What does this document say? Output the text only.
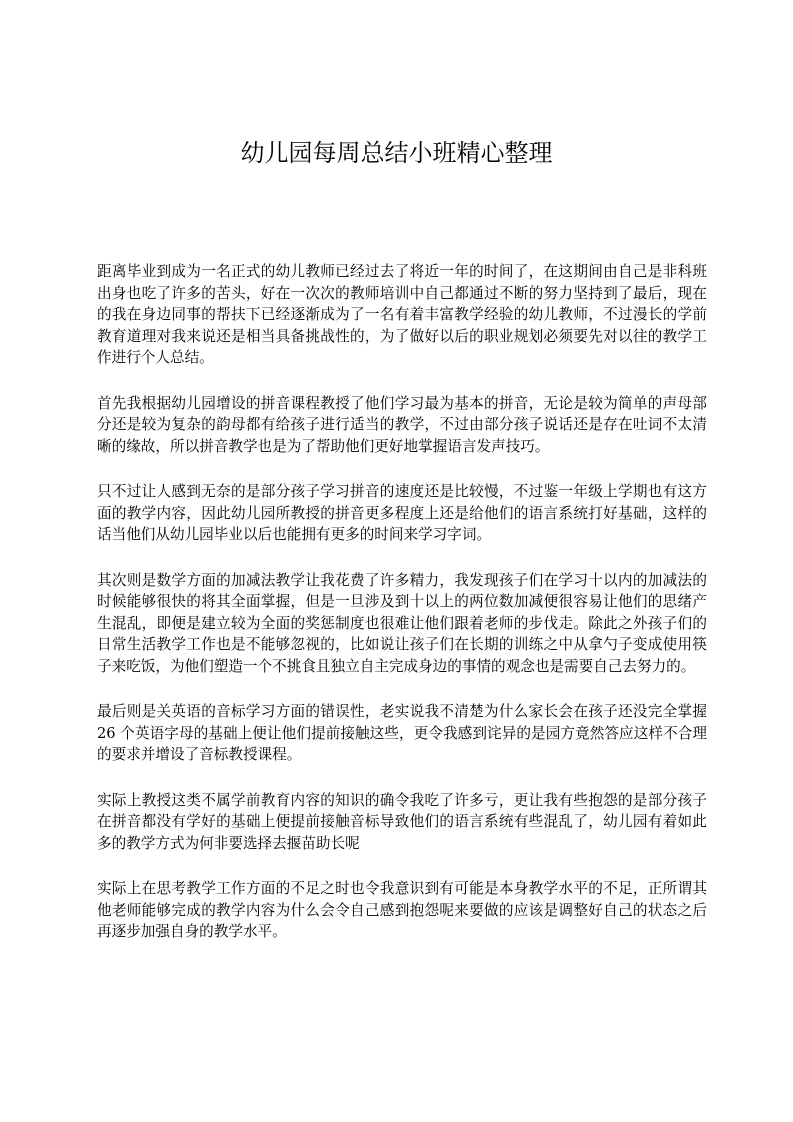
幼儿园每周总结小班精心整理

距离毕业到成为一名正式的幼儿教师已经过去了将近一年的时间了，在这期间由自己是非科班出身也吃了许多的苦头，好在一次次的教师培训中自己都通过不断的努力坚持到了最后，现在的我在身边同事的帮扶下已经逐渐成为了一名有着丰富教学经验的幼儿教师，不过漫长的学前教育道理对我来说还是相当具备挑战性的，为了做好以后的职业规划必须要先对以往的教学工作进行个人总结。

首先我根据幼儿园增设的拼音课程教授了他们学习最为基本的拼音，无论是较为简单的声母部分还是较为复杂的韵母都有给孩子进行适当的教学，不过由部分孩子说话还是存在吐词不太清晰的缘故，所以拼音教学也是为了帮助他们更好地掌握语言发声技巧。

只不过让人感到无奈的是部分孩子学习拼音的速度还是比较慢，不过鉴一年级上学期也有这方面的教学内容，因此幼儿园所教授的拼音更多程度上还是给他们的语言系统打好基础，这样的话当他们从幼儿园毕业以后也能拥有更多的时间来学习字词。

其次则是数学方面的加减法教学让我花费了许多精力，我发现孩子们在学习十以内的加减法的时候能够很快的将其全面掌握，但是一旦涉及到十以上的两位数加减便很容易让他们的思绪产生混乱，即便是建立较为全面的奖惩制度也很难让他们跟着老师的步伐走。除此之外孩子们的日常生活教学工作也是不能够忽视的，比如说让孩子们在长期的训练之中从拿勺子变成使用筷子来吃饭，为他们塑造一个不挑食且独立自主完成身边的事情的观念也是需要自己去努力的。

最后则是关英语的音标学习方面的错误性，老实说我不清楚为什么家长会在孩子还没完全掌握 26 个英语字母的基础上便让他们提前接触这些，更令我感到诧异的是园方竟然答应这样不合理的要求并增设了音标教授课程。

实际上教授这类不属学前教育内容的知识的确令我吃了许多亏，更让我有些抱怨的是部分孩子在拼音都没有学好的基础上便提前接触音标导致他们的语言系统有些混乱了，幼儿园有着如此多的教学方式为何非要选择去揠苗助长呢

实际上在思考教学工作方面的不足之时也令我意识到有可能是本身教学水平的不足，正所谓其他老师能够完成的教学内容为什么会令自己感到抱怨呢来要做的应该是调整好自己的状态之后再逐步加强自身的教学水平。
